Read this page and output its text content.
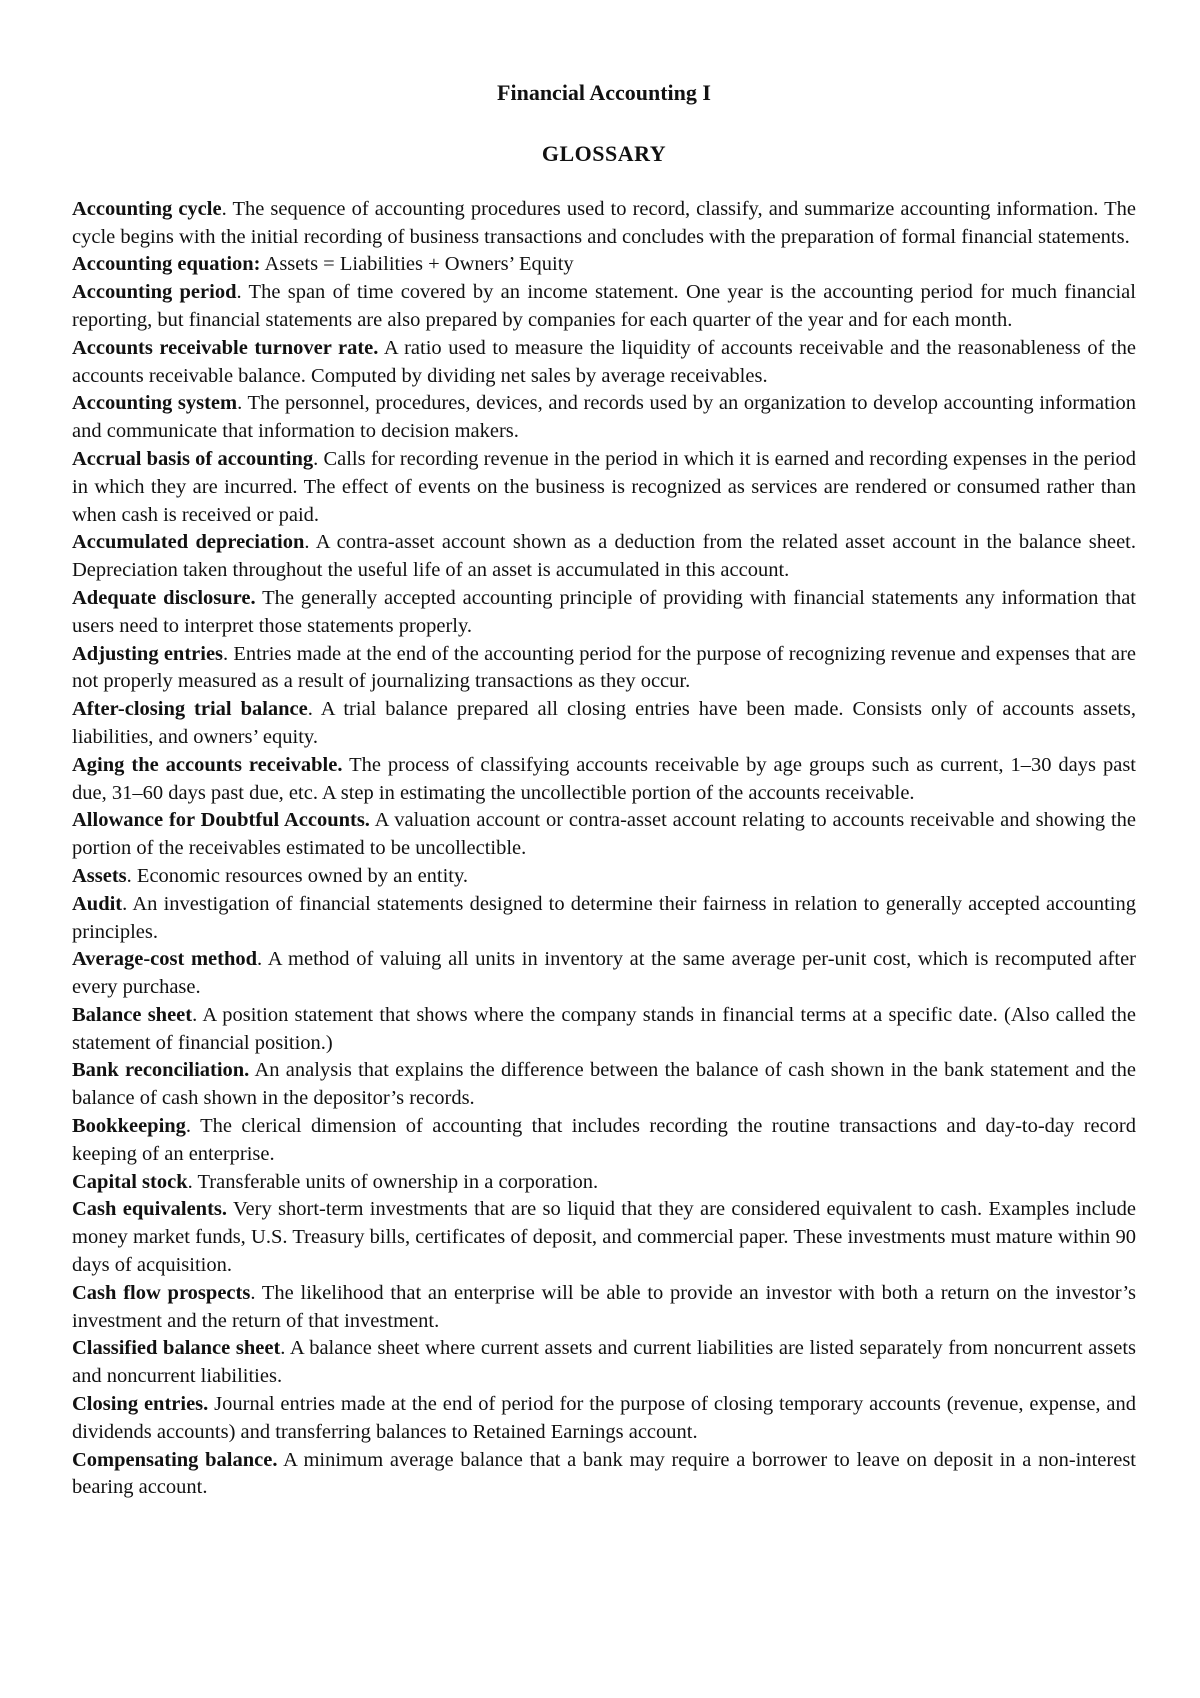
Financial Accounting I
GLOSSARY

Accounting cycle. The sequence of accounting procedures used to record, classify, and summarize accounting information. The cycle begins with the initial recording of business transactions and concludes with the preparation of formal financial statements.

Accounting equation: Assets = Liabilities + Owners’ Equity

Accounting period. The span of time covered by an income statement. One year is the accounting period for much financial reporting, but financial statements are also prepared by companies for each quarter of the year and for each month.

Accounts receivable turnover rate. A ratio used to measure the liquidity of accounts receivable and the reasonableness of the accounts receivable balance. Computed by dividing net sales by average receivables.

Accounting system. The personnel, procedures, devices, and records used by an organization to develop accounting information and communicate that information to decision makers.

Accrual basis of accounting. Calls for recording revenue in the period in which it is earned and recording expenses in the period in which they are incurred. The effect of events on the business is recognized as services are rendered or consumed rather than when cash is received or paid.

Accumulated depreciation. A contra-asset account shown as a deduction from the related asset account in the balance sheet. Depreciation taken throughout the useful life of an asset is accumulated in this account.

Adequate disclosure. The generally accepted accounting principle of providing with financial statements any information that users need to interpret those statements properly.

Adjusting entries. Entries made at the end of the accounting period for the purpose of recognizing revenue and expenses that are not properly measured as a result of journalizing transactions as they occur.

After-closing trial balance. A trial balance prepared all closing entries have been made. Consists only of accounts assets, liabilities, and owners’ equity.

Aging the accounts receivable. The process of classifying accounts receivable by age groups such as current, 1–30 days past due, 31–60 days past due, etc. A step in estimating the uncollectible portion of the accounts receivable.

Allowance for Doubtful Accounts. A valuation account or contra-asset account relating to accounts receivable and showing the portion of the receivables estimated to be uncollectible.

Assets. Economic resources owned by an entity.

Audit. An investigation of financial statements designed to determine their fairness in relation to generally accepted accounting principles.

Average-cost method. A method of valuing all units in inventory at the same average per-unit cost, which is recomputed after every purchase.

Balance sheet. A position statement that shows where the company stands in financial terms at a specific date. (Also called the statement of financial position.)

Bank reconciliation. An analysis that explains the difference between the balance of cash shown in the bank statement and the balance of cash shown in the depositor’s records.

Bookkeeping. The clerical dimension of accounting that includes recording the routine transactions and day-to-day record keeping of an enterprise.

Capital stock. Transferable units of ownership in a corporation.

Cash equivalents. Very short-term investments that are so liquid that they are considered equivalent to cash. Examples include money market funds, U.S. Treasury bills, certificates of deposit, and commercial paper. These investments must mature within 90 days of acquisition.

Cash flow prospects. The likelihood that an enterprise will be able to provide an investor with both a return on the investor’s investment and the return of that investment.

Classified balance sheet. A balance sheet where current assets and current liabilities are listed separately from noncurrent assets and noncurrent liabilities.

Closing entries. Journal entries made at the end of period for the purpose of closing temporary accounts (revenue, expense, and dividends accounts) and transferring balances to Retained Earnings account.

Compensating balance. A minimum average balance that a bank may require a borrower to leave on deposit in a non-interest bearing account.
